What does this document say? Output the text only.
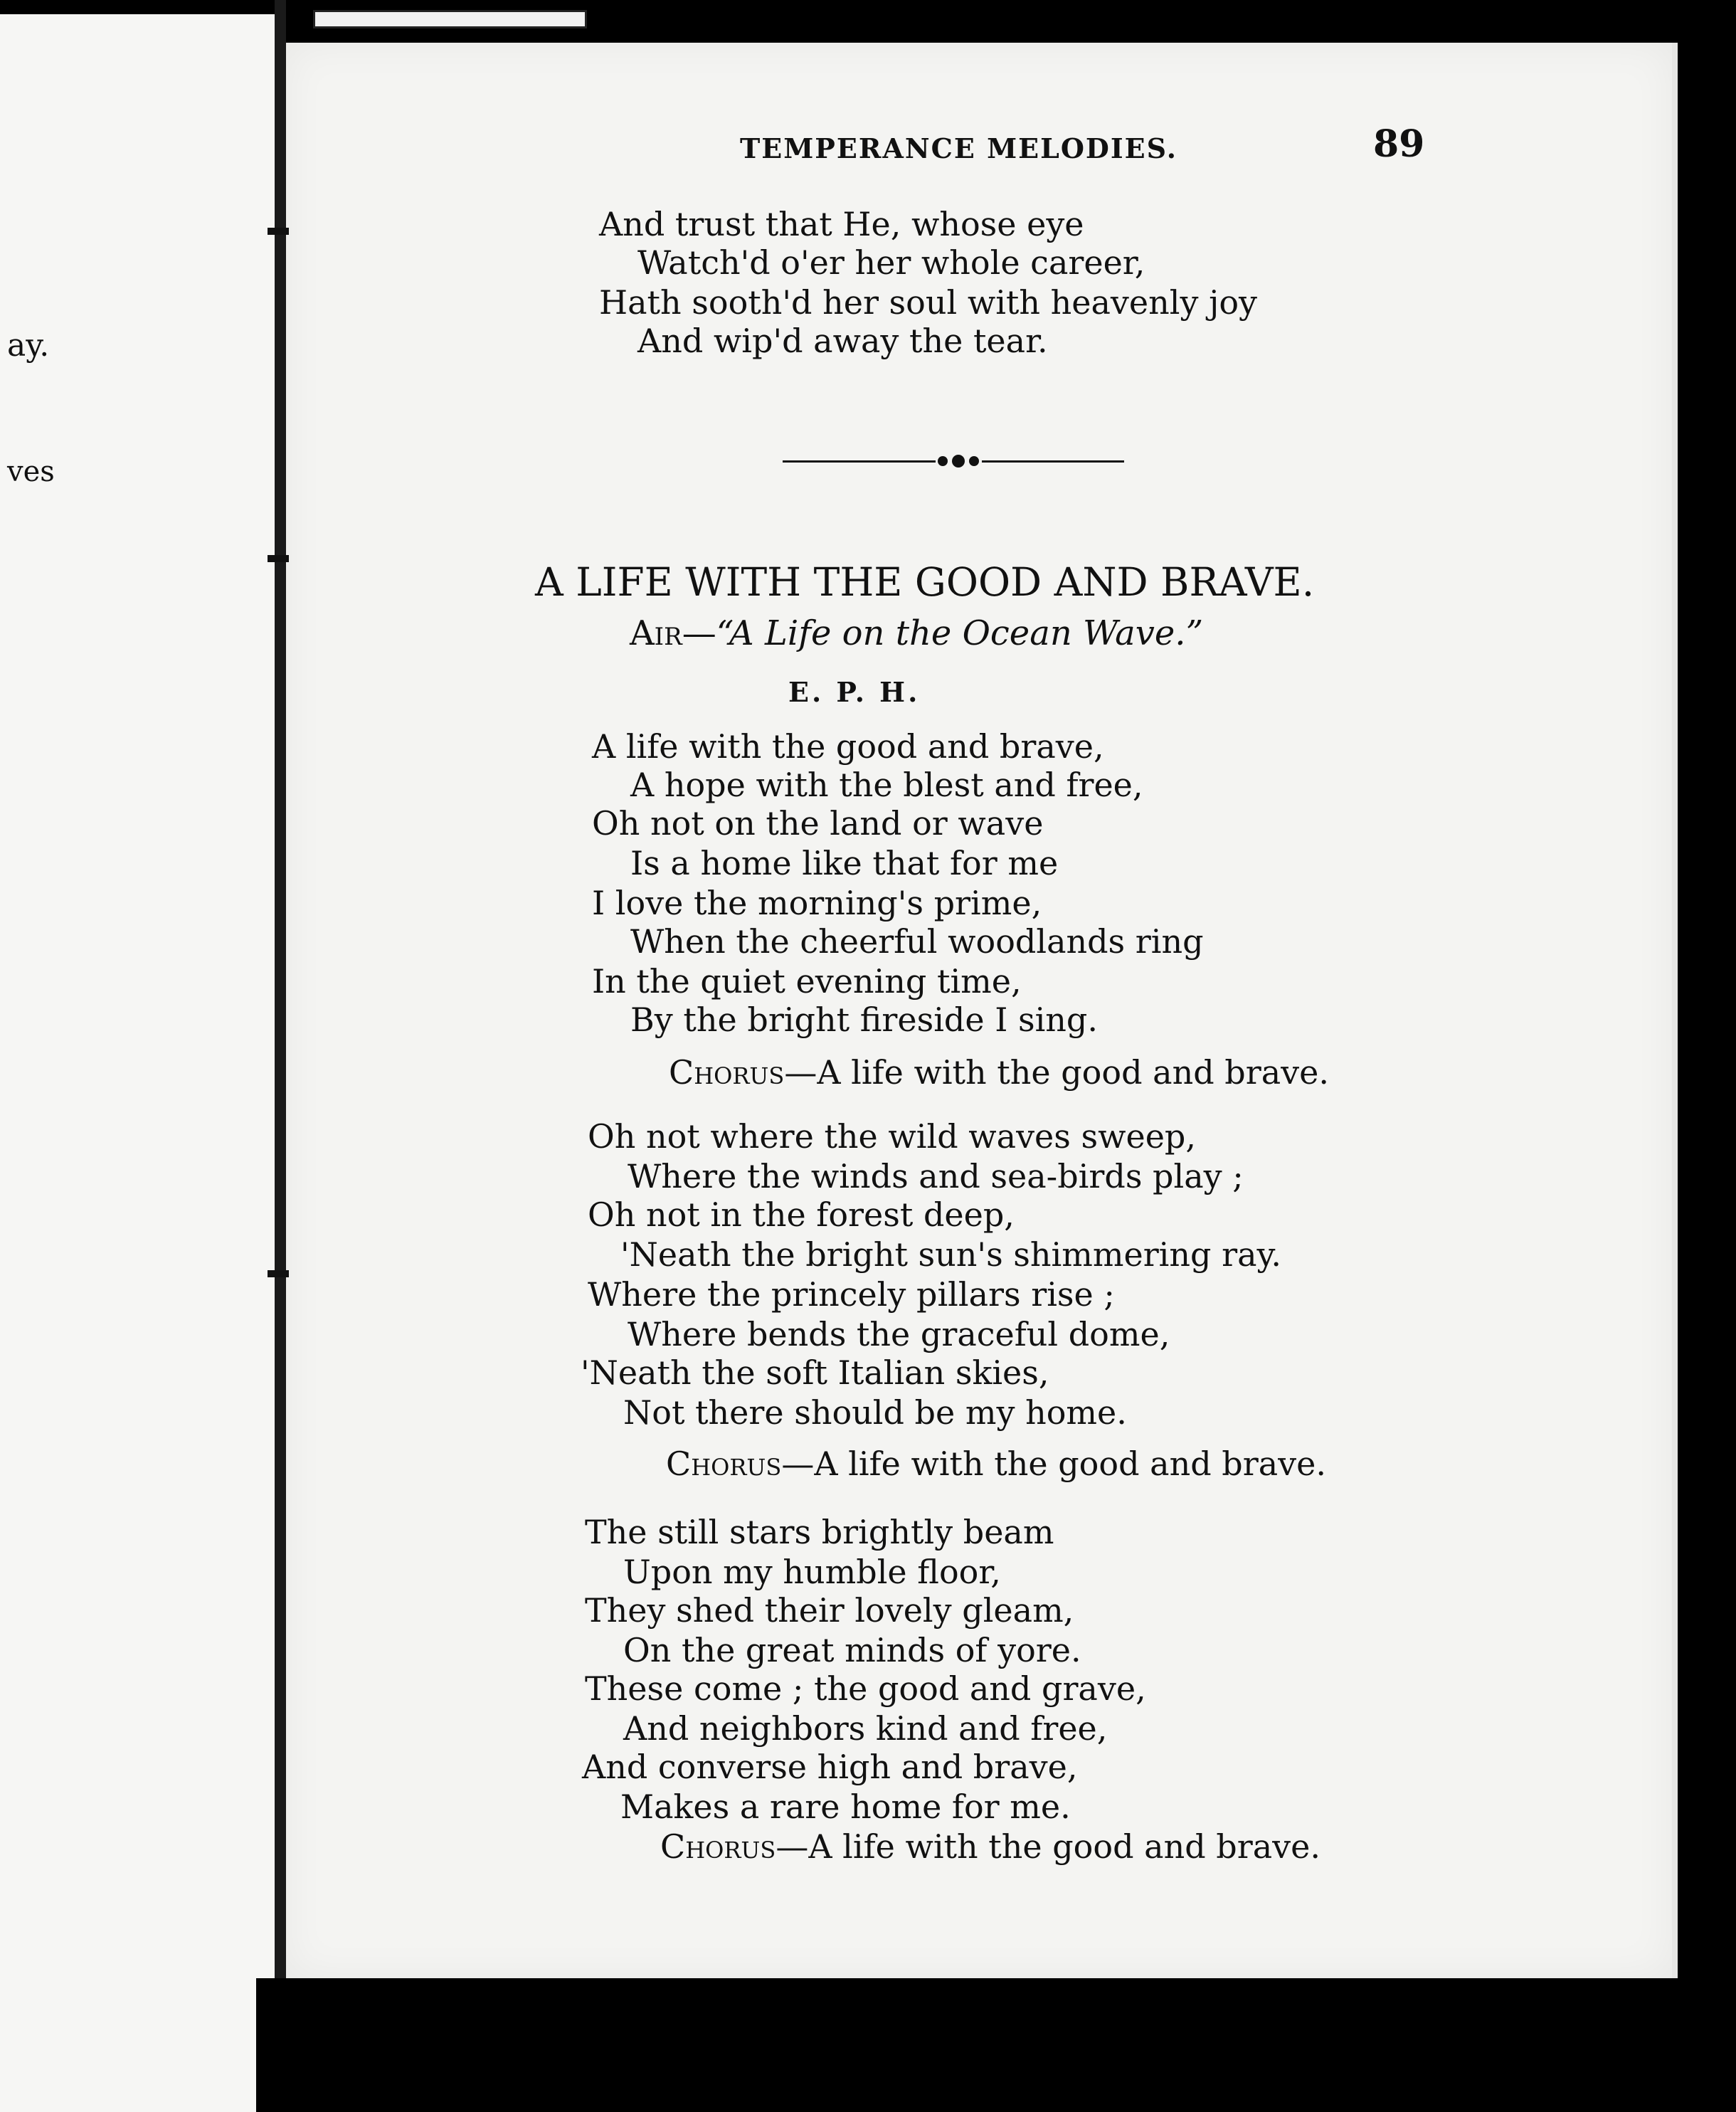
ay.
ves
TEMPERANCE MELODIES.	89
And trust that He, whose eye
Watch'd o'er her whole career,
Hath sooth'd her soul with heavenly joy
And wip'd away the tear.
A LIFE WITH THE GOOD AND BRAVE.
Air—“A Life on the Ocean Wave.”
E. P. H.
A life with the good and brave,
A hope with the blest and free,
Oh not on the land or wave
Is a home like that for me
I love the morning's prime,
When the cheerful woodlands ring
In the quiet evening time,
By the bright fireside I sing.
Chorus—A life with the good and brave.
Oh not where the wild waves sweep,
Where the winds and sea-birds play ;
Oh not in the forest deep,
'Neath the bright sun's shimmering ray.
Where the princely pillars rise ;
Where bends the graceful dome,
'Neath the soft Italian skies,
Not there should be my home.
Chorus—A life with the good and brave.
The still stars brightly beam
Upon my humble floor,
They shed their lovely gleam,
On the great minds of yore.
These come ; the good and grave,
And neighbors kind and free,
And converse high and brave,
Makes a rare home for me.
Chorus—A life with the good and brave.
